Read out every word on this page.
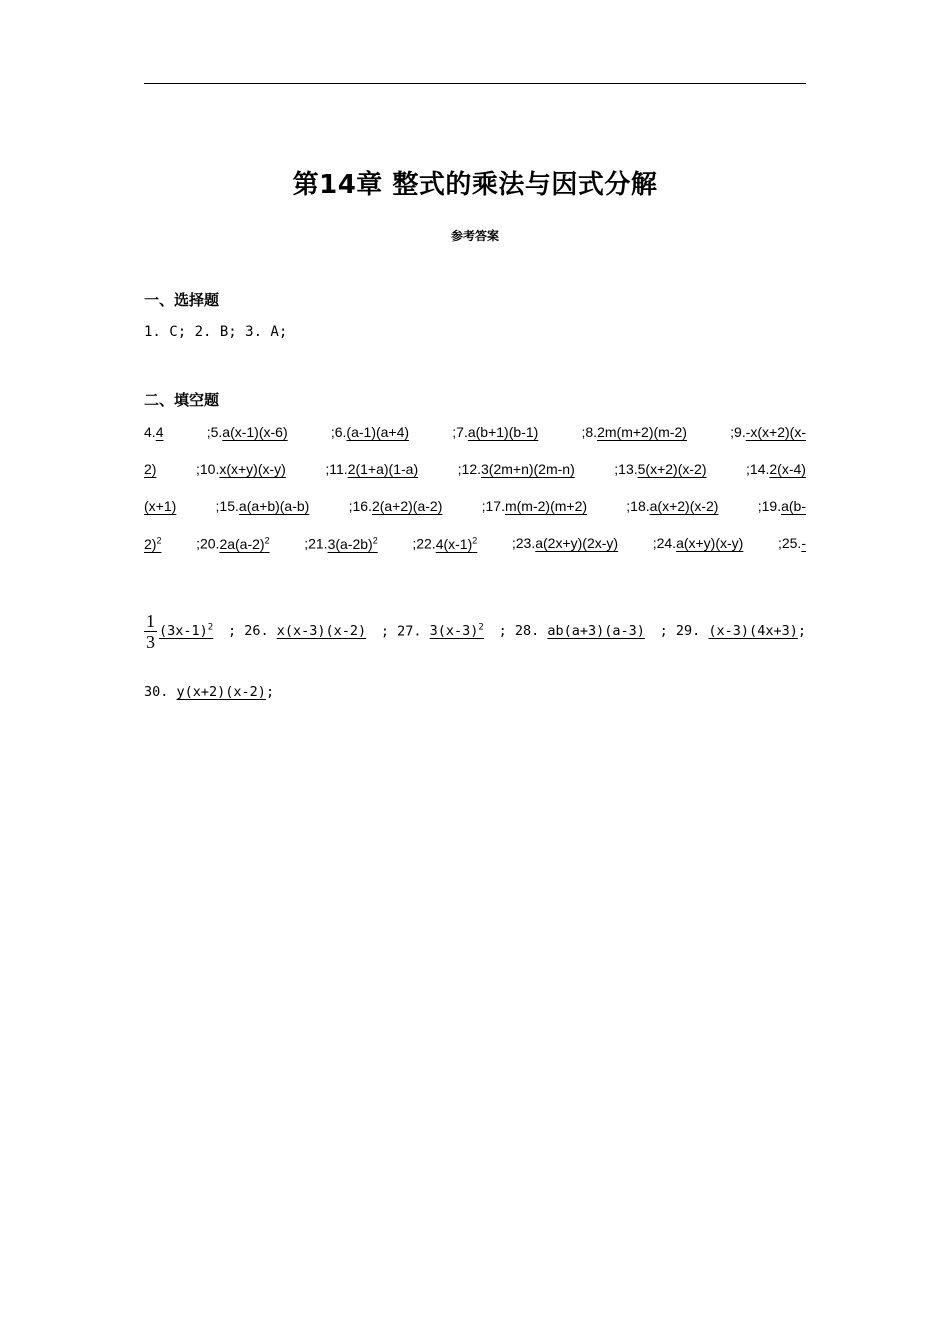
第14章 整式的乘法与因式分解
参考答案
一、选择题
1. C; 2. B; 3. A;
二、填空题
4.4	;5.a(x-1)(x-6)	;6.(a-1)(a+4)	;7.a(b+1)(b-1)	;8.2m(m+2)(m-2)	;9.-x(x+2)(x-
2)	;10.x(x+y)(x-y)	;11.2(1+a)(1-a)	;12.3(2m+n)(2m-n)	;13.5(x+2)(x-2)	;14.2(x-4)
(x+1)	;15.a(a+b)(a-b)	;16.2(a+2)(a-2)	;17.m(m-2)(m+2)	;18.a(x+2)(x-2)	;19.a(b-
2)$^2$ $;20.2a(a-2)^2$ $;21.3(a-2b)^2$ $;22.4(x-1)^2$ ;23.a(2x+y)(2x-y) ;24.a(x+y)(x-y) ;25.-
$\frac{1}{3} (3x-1)^2$ ; 26. x(x-3)(x-2) ; 27. $3(x-3)^2$ ; 28. ab(a+3)(a-3) ; 29. (x-3)(4x+3);
30. y(x+2)(x-2);
